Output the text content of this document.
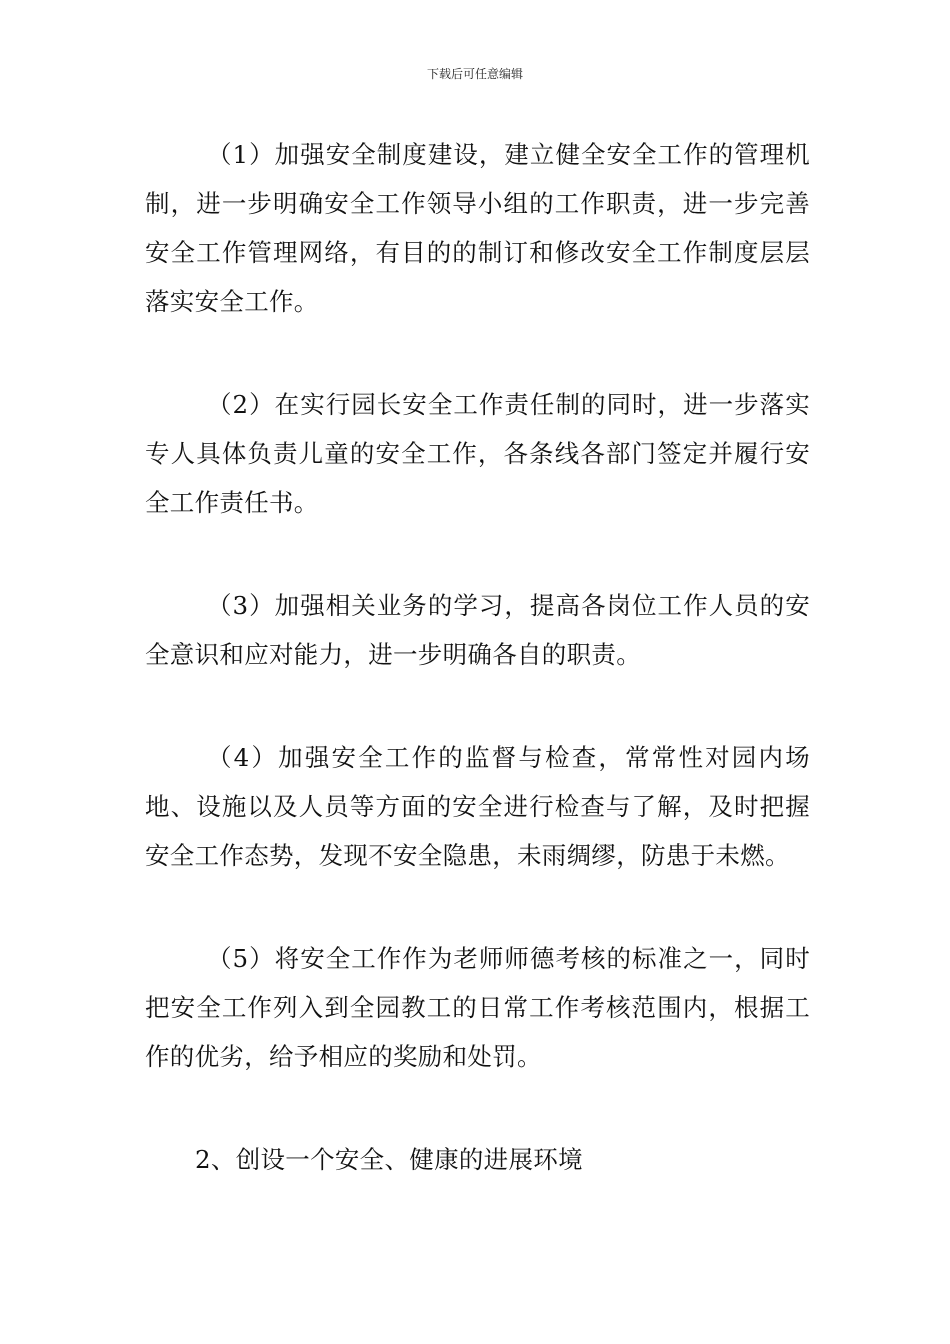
下载后可任意编辑

（1）加强安全制度建设，建立健全安全工作的管理机制，进一步明确安全工作领导小组的工作职责，进一步完善安全工作管理网络，有目的的制订和修改安全工作制度层层落实安全工作。

（2）在实行园长安全工作责任制的同时，进一步落实专人具体负责儿童的安全工作，各条线各部门签定并履行安全工作责任书。

（3）加强相关业务的学习，提高各岗位工作人员的安全意识和应对能力，进一步明确各自的职责。

（4）加强安全工作的监督与检查，常常性对园内场地、设施以及人员等方面的安全进行检查与了解，及时把握安全工作态势，发现不安全隐患，未雨绸缪，防患于未燃。

（5）将安全工作作为老师师德考核的标准之一，同时把安全工作列入到全园教工的日常工作考核范围内，根据工作的优劣，给予相应的奖励和处罚。

2、创设一个安全、健康的进展环境
